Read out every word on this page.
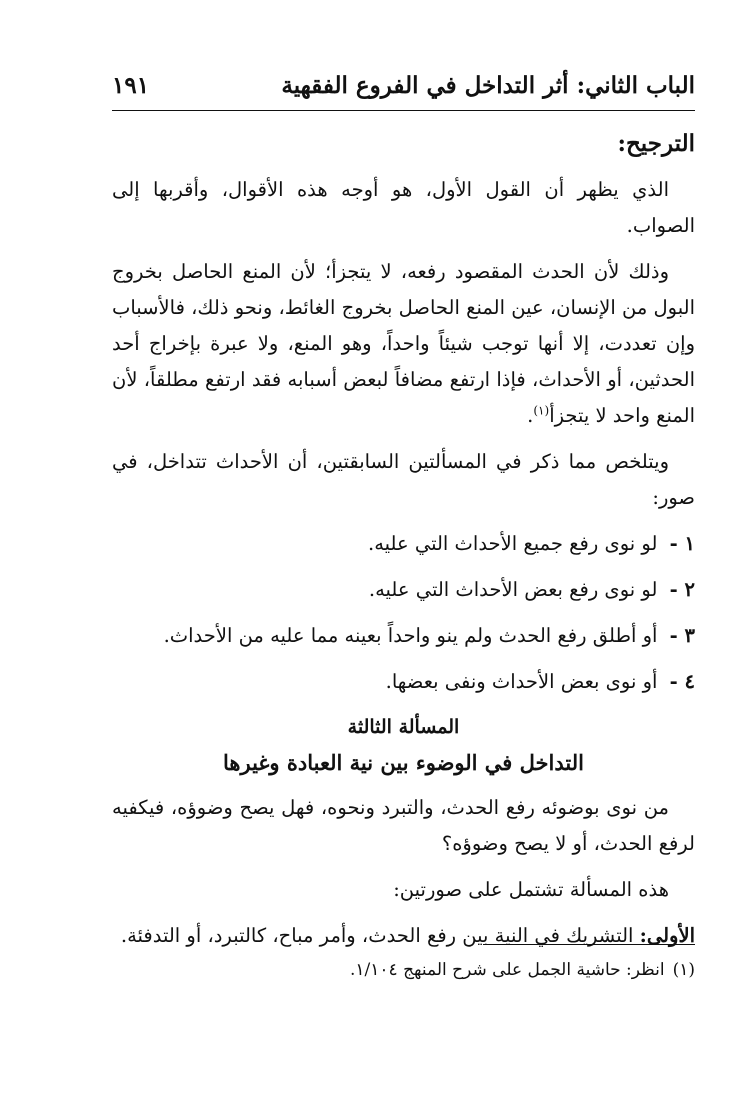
الباب الثاني: أثر التداخل في الفروع الفقهية
١٩١
الترجيح:

الذي يظهر أن القول الأول، هو أوجه هذه الأقوال، وأقربها إلى الصواب.

وذلك لأن الحدث المقصود رفعه، لا يتجزأ؛ لأن المنع الحاصل بخروج البول من الإنسان، عين المنع الحاصل بخروج الغائط، ونحو ذلك، فالأسباب وإن تعددت، إلا أنها توجب شيئاً واحداً، وهو المنع، ولا عبرة بإخراج أحد الحدثين، أو الأحداث، فإذا ارتفع مضافاً لبعض أسبابه فقد ارتفع مطلقاً، لأن المنع واحد لا يتجزأ$^{(١)}$.

ويتلخص مما ذكر في المسألتين السابقتين، أن الأحداث تتداخل، في صور:

١ - لو نوى رفع جميع الأحداث التي عليه.
٢ - لو نوى رفع بعض الأحداث التي عليه.
٣ - أو أطلق رفع الحدث ولم ينو واحداً بعينه مما عليه من الأحداث.
٤ - أو نوى بعض الأحداث ونفى بعضها.
المسألة الثالثة
التداخل في الوضوء بين نية العبادة وغيرها

من نوى بوضوئه رفع الحدث، والتبرد ونحوه، فهل يصح وضوؤه، فيكفيه لرفع الحدث، أو لا يصح وضوؤه؟

هذه المسألة تشتمل على صورتين:

الأولى: التشريك في النية بين رفع الحدث، وأمر مباح، كالتبرد، أو التدفئة.

(١)انظر: حاشية الجمل على شرح المنهج ١/١٠٤.
